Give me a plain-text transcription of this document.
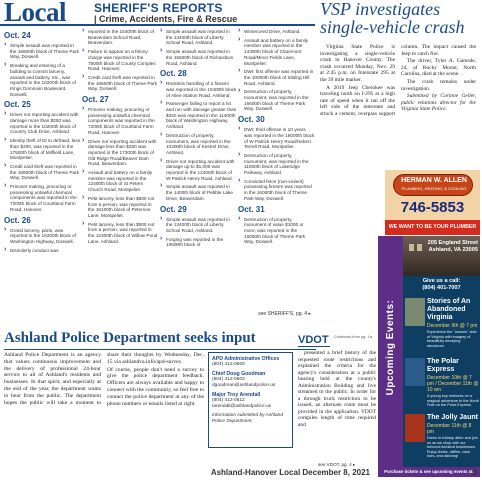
Local SHERIFF'S REPORTS
| Crime, Accidents, Fire & Rescue
Oct. 24
› Simple assault was reported in the 16600th block of Theme Park Way, Doswell.
› Breaking and entering of a building to commit larceny, assault and battery, etc., was reported in the 10200th block of Kings Dominion Boulevard, Doswell.
Oct. 25
› Driver not reporting accident with damage more than $250 was reported in the 10200th block of Country Club Drive, Ashland.
› Identity theft of ID to defraud, less than $200, was reported in the 17500th block of Millfield Lane, Montpelier.
› Credit card theft was reported in the 16600th block of Theme Park Way, Doswell.
› Prisoner making, procuring or possessing unlawful chemical components was reported in the 7200th block of Courtland Farm Road, Hanover.
Oct. 26
› Grand larceny, parts, was reported in the 16200th block of Washington Highway, Doswell.
› Disorderly conduct was
› reported in the 15400th block of Beaverdam School Road, Beaverdam.
› Failure to appear on a felony charge was reported in the 7500th block of County Complex Road, Hanover.
› Credit card theft was reported in the 16600th block of Theme Park Way, Doswell.
Oct. 27
› Prisoner making, procuring or possessing unlawful chemical components was reported in the 7200th block of Courtland Farm Road, Hanover.
› Driver not reporting accident with damage less than $250 was reported in the 17300th block of Old Ridge Road/Beaver Dam Road, Beaverdam.
› Assault and battery on a family member was reported in the 12400th block of St Peters Church Road, Montpelier.
› Petit larceny, less than $500 not from a person, was reported in the 16100th block of Peterson Lane, Montpelier.
› Petit larceny, less than $500 not from a person, was reported in the 12300th block of Willow Pond Lane, Ashland.
› Simple assault was reported in the 13400th block of Liberty School Road, Ashland.
› Simple assault was reported in the 15600th block of Richardson Road, Ashland.
Oct. 28
› Reckless handling of a firearm was reported in the 10400th block of Atlee Station Road, Ashland.
› Passenger failing to report a hit and run with damage greater than $250 was reported in the 11400th block of Washington Highway, Ashland.
› Destruction of property, monument, was reported in the 10300th block of Kestrel Drive, Ashland.
› Driver not reporting accident with damage up to $1,000 was reported in the 12400th block of W Patrick Henry Road, Ashland.
› Simple assault was reported in the 1400th block of Pebble Lake Drive, Beaverdam.
Oct. 29
› Simple assault was reported in the 13400th block of Liberty School Road, Ashland.
› Forging was reported in the 10600th block of
› Winterceed Drive, Ashland.
› Assault and battery on a family member was reported in the 14300th block of Claremont Road/Minor Fields Lane, Montpelier.
› DWI: first offense was reported in the 10000th block of Sliding Hill Road, Ashland.
› Destruction of property, monument, was reported in the 16600th block of Theme Park Way, Doswell.
Oct. 30
› DWI: third offense in 10 years was reported in the 16000th block of W Patrick Henry Road/Hebert Terrell Road, Montpelier.
› Destruction of property, monument, was reported in the 11000th block of Lakeridge Parkway, Ashland.
› Convicted felon (non-violent) possessing firearm was reported in the 16000th block of Theme Park Way, Doswell.
Oct. 31
› Destruction of property, monument of value $1000 or more, was reported in the 16000th block of Theme Park Way, Doswell.
see SHERIFF'S, pg. 4 ▸
VSP investigates single-vehicle crash

Virginia State Police is investigating a single-vehicle crash in Hanover County. The crash occurred Monday, Nov. 29 at 2:45 p.m. on Interstate 295 at the 39 mile marker.

A 2019 Jeep Cherokee was traveling north on I-295 at a high rate of speed when it ran off the left side of the interstate and struck a cement, overpass support column. The impact caused the Jeep to catch fire.

The driver, Tyler A. Gamsde, 24, of Rocky Mount, North Carolina, died at the scene.

The crash remains under investigation.

Submitted by Corinne Geller, public relations director for the Virginia State Police.

HERMAN W. ALLEN
PLUMBING, HEATING, & COOLING
746-5853
WE WANT TO BE YOUR PLUMBER
Upcoming Events:
205 England Street
Ashland, VA 23005
Give us a call:
(804) 401-7007
Stories of An Abandoned Virginia
December 9th @ 7 pm
Experience the "unseen" side of Virginia with imagery of beautifully decaying structures.
The Polar Express
December 10th @ 7 pm / December 11th @ 10 am
A young boy embarks on a magical adventure to the North Pole on the Polar Express.
The Jolly Jaunt
December 11th @ 8 pm
Dress in holiday attire and join us as we shop with our beloved Ashland businesses. Enjoy drinks, raffles, cash bars, and dancing!
Purchase tickets & see upcoming events at: ashlandtheatre.org
Ashland Police Department seeks input

Ashland Police Department is an agency that values continuous improvement and the delivery of professional 24-hour service to all of Ashland's residents and businesses. In that spirit, and especially at the end of the year, the department wants to hear from the public. The department hopes the public will take a moment to share their thoughts by Wednesday, Dec. 15 via ashlandva.info/apd-survey.

Of course, people don't need a survey to give the police department feedback. Officers are always available and happy to connect with the community, so feel free to contact the police department at any of the phone numbers or emails listed at right.

APD Administrative Offices
(804) 412-0600
Chief Doug Goodman
(804) 412-0603
dgoodman@ashlandpolice.us
Major Troy Arendall
(804) 412-0612
tarendall@ashlandpolice.us
Information submitted by Ashland Police Department.
VDOT Continued from pg. 1 ▸

presented a brief history of the requested route restrictions and explained the criteria for the agency's consideration at a public hearing held at the county's Administration Building and live streamed to the public. In order for a through truck restriction to be issued, an alternate route must be provided in the application. VDOT compiles length of time required and

see VDOT, pg. 4 ▸
Ashland-Hanover Local December 8, 2021	3
